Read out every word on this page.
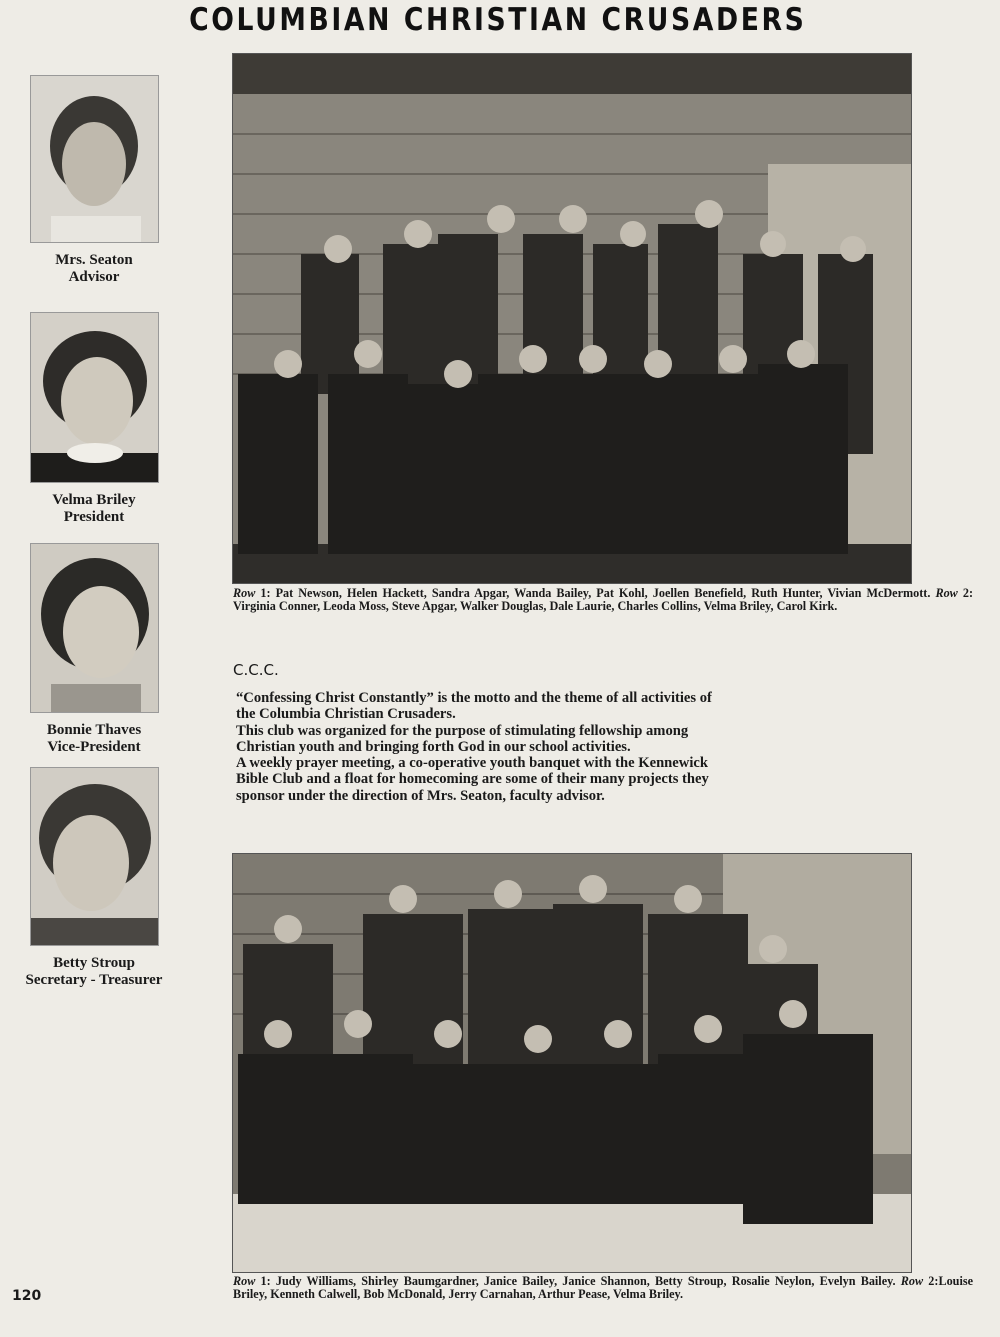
COLUMBIAN CHRISTIAN CRUSADERS
Mrs. Seaton
Advisor
Velma Briley
President
Bonnie Thaves
Vice-President
Betty Stroup
Secretary - Treasurer
Row 1: Pat Newson, Helen Hackett, Sandra Apgar, Wanda Bailey, Pat Kohl, Joellen Benefield, Ruth Hunter, Vivian McDermott. Row 2: Virginia Conner, Leoda Moss, Steve Apgar, Walker Douglas, Dale Laurie, Charles Collins, Velma Briley, Carol Kirk.
C.C.C.

“Confessing Christ Constantly” is the motto and the theme of all activities of the Columbia Christian Crusaders.

This club was organized for the purpose of stimulating fellowship among Christian youth and bringing forth God in our school activities.

A weekly prayer meeting, a co-operative youth banquet with the Kennewick Bible Club and a float for homecoming are some of their many projects they sponsor under the direction of Mrs. Seaton, faculty advisor.

Row 1: Judy Williams, Shirley Baumgardner, Janice Bailey, Janice Shannon, Betty Stroup, Rosalie Neylon, Evelyn Bailey. Row 2:Louise Briley, Kenneth Calwell, Bob McDonald, Jerry Carnahan, Arthur Pease, Velma Briley.
120
